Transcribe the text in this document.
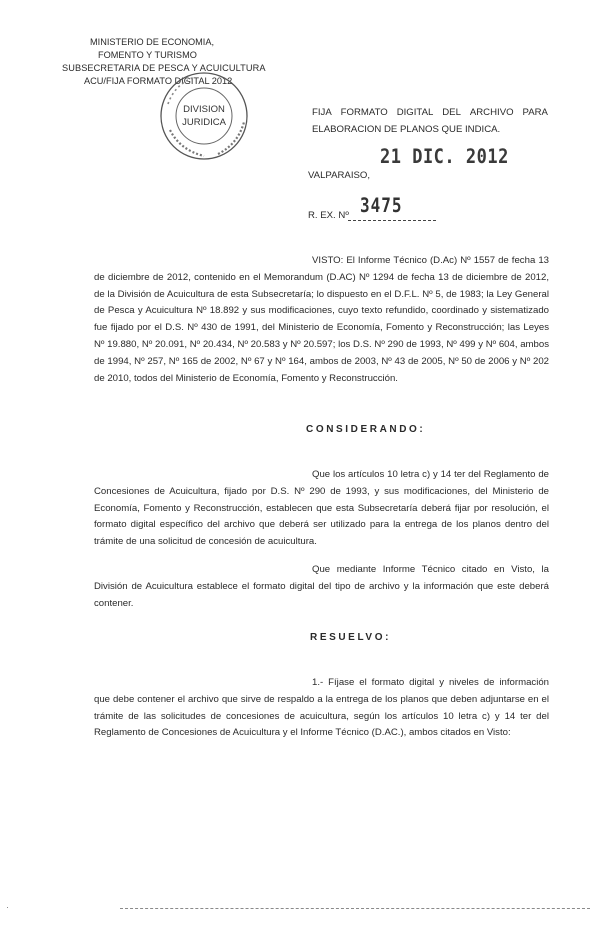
MINISTERIO DE ECONOMIA,
FOMENTO Y TURISMO
SUBSECRETARIA DE PESCA Y ACUICULTURA
ACU/FIJA FORMATO DIGITAL 2012
DIVISION
JURIDICA
FIJA FORMATO DIGITAL DEL ARCHIVO PARA
ELABORACION DE PLANOS QUE INDICA.
21 DIC. 2012
VALPARAISO,
R. EX. Nº 3475
VISTO: El Informe Técnico (D.Ac) Nº 1557 de fecha 13 de diciembre de 2012, contenido en el Memorandum (D.AC) Nº 1294 de fecha 13 de diciembre de 2012, de la División de Acuicultura de esta Subsecretaría; lo dispuesto en el D.F.L. Nº 5, de 1983; la Ley General de Pesca y Acuicultura Nº 18.892 y sus modificaciones, cuyo texto refundido, coordinado y sistematizado fue fijado por el D.S. Nº 430 de 1991, del Ministerio de Economía, Fomento y Reconstrucción; las Leyes Nº 19.880, Nº 20.091, Nº 20.434, Nº 20.583 y Nº 20.597; los D.S. Nº 290 de 1993, Nº 499 y Nº 604, ambos de 1994, Nº 257, Nº 165 de 2002, Nº 67 y Nº 164, ambos de 2003, Nº 43 de 2005, Nº 50 de 2006 y Nº 202 de 2010, todos del Ministerio de Economía, Fomento y Reconstrucción.
CONSIDERANDO:
Que los artículos 10 letra c) y 14 ter del Reglamento de Concesiones de Acuicultura, fijado por D.S. Nº 290 de 1993, y sus modificaciones, del Ministerio de Economía, Fomento y Reconstrucción, establecen que esta Subsecretaría deberá fijar por resolución, el formato digital específico del archivo que deberá ser utilizado para la entrega de los planos dentro del trámite de una solicitud de concesión de acuicultura.
Que mediante Informe Técnico citado en Visto, la División de Acuicultura establece el formato digital del tipo de archivo y la información que este deberá contener.
RESUELVO:
1.- Fíjase el formato digital y niveles de información que debe contener el archivo que sirve de respaldo a la entrega de los planos que deben adjuntarse en el trámite de las solicitudes de concesiones de acuicultura, según los artículos 10 letra c) y 14 ter del Reglamento de Concesiones de Acuicultura y el Informe Técnico (D.AC.), ambos citados en Visto:
·
